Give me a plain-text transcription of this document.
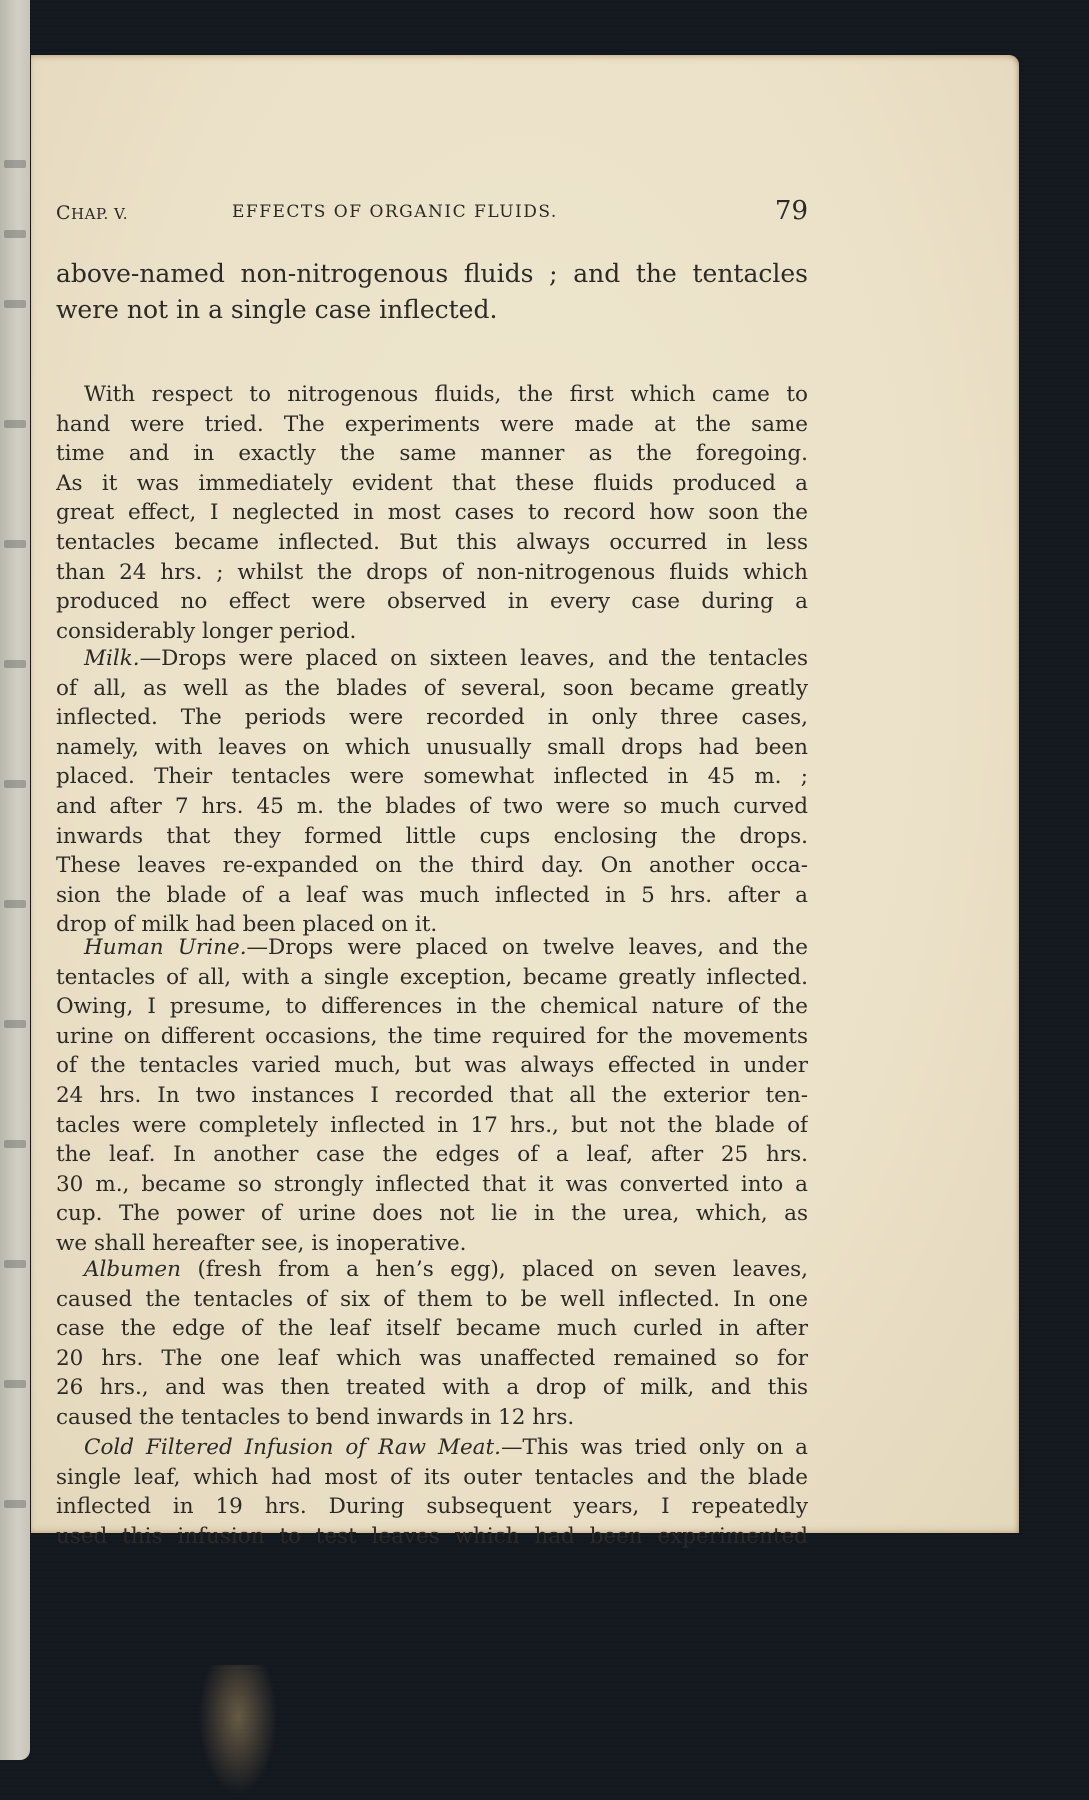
CHAP. V.	EFFECTS OF ORGANIC FLUIDS.	79
above-named non-nitrogenous fluids ; and the tentacles
were not in a single case inflected.
With respect to nitrogenous fluids, the first which came to
hand were tried. The experiments were made at the same
time and in exactly the same manner as the foregoing.
As it was immediately evident that these fluids produced a
great effect, I neglected in most cases to record how soon the
tentacles became inflected. But this always occurred in less
than 24 hrs. ; whilst the drops of non-nitrogenous fluids which
produced no effect were observed in every case during a
considerably longer period.
Milk.—Drops were placed on sixteen leaves, and the tentacles
of all, as well as the blades of several, soon became greatly
inflected. The periods were recorded in only three cases,
namely, with leaves on which unusually small drops had been
placed. Their tentacles were somewhat inflected in 45 m. ;
and after 7 hrs. 45 m. the blades of two were so much curved
inwards that they formed little cups enclosing the drops.
These leaves re-expanded on the third day. On another occa-
sion the blade of a leaf was much inflected in 5 hrs. after a
drop of milk had been placed on it.
Human Urine.—Drops were placed on twelve leaves, and the
tentacles of all, with a single exception, became greatly inflected.
Owing, I presume, to differences in the chemical nature of the
urine on different occasions, the time required for the movements
of the tentacles varied much, but was always effected in under
24 hrs. In two instances I recorded that all the exterior ten-
tacles were completely inflected in 17 hrs., but not the blade of
the leaf. In another case the edges of a leaf, after 25 hrs.
30 m., became so strongly inflected that it was converted into a
cup. The power of urine does not lie in the urea, which, as
we shall hereafter see, is inoperative.
Albumen (fresh from a hen’s egg), placed on seven leaves,
caused the tentacles of six of them to be well inflected. In one
case the edge of the leaf itself became much curled in after
20 hrs. The one leaf which was unaffected remained so for
26 hrs., and was then treated with a drop of milk, and this
caused the tentacles to bend inwards in 12 hrs.
Cold Filtered Infusion of Raw Meat.—This was tried only on a
single leaf, which had most of its outer tentacles and the blade
inflected in 19 hrs. During subsequent years, I repeatedly
used this infusion to test leaves which had been experimented
